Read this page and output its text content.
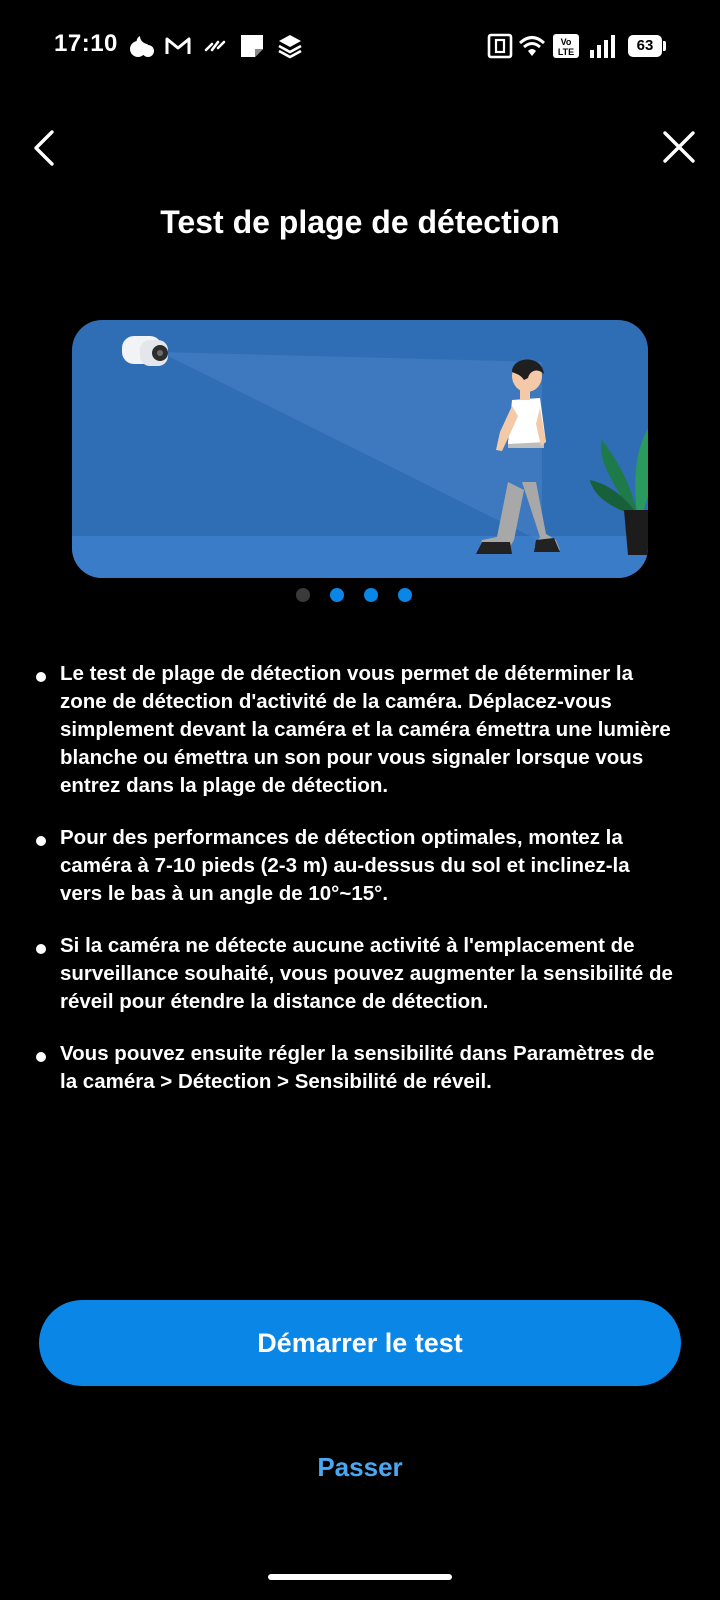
17:10	Vo
LTE	63
Test de plage de détection
Le test de plage de détection vous permet de déterminer la zone de détection d'activité de la caméra. Déplacez-vous simplement devant la caméra et la caméra émettra une lumière blanche ou émettra un son pour vous signaler lorsque vous entrez dans la plage de détection.
Pour des performances de détection optimales, montez la caméra à 7-10 pieds (2-3 m) au-dessus du sol et inclinez-la vers le bas à un angle de 10°~15°.
Si la caméra ne détecte aucune activité à l'emplacement de surveillance souhaité, vous pouvez augmenter la sensibilité de réveil pour étendre la distance de détection.
Vous pouvez ensuite régler la sensibilité dans Paramètres de la caméra > Détection > Sensibilité de réveil.
Démarrer le test
Passer
